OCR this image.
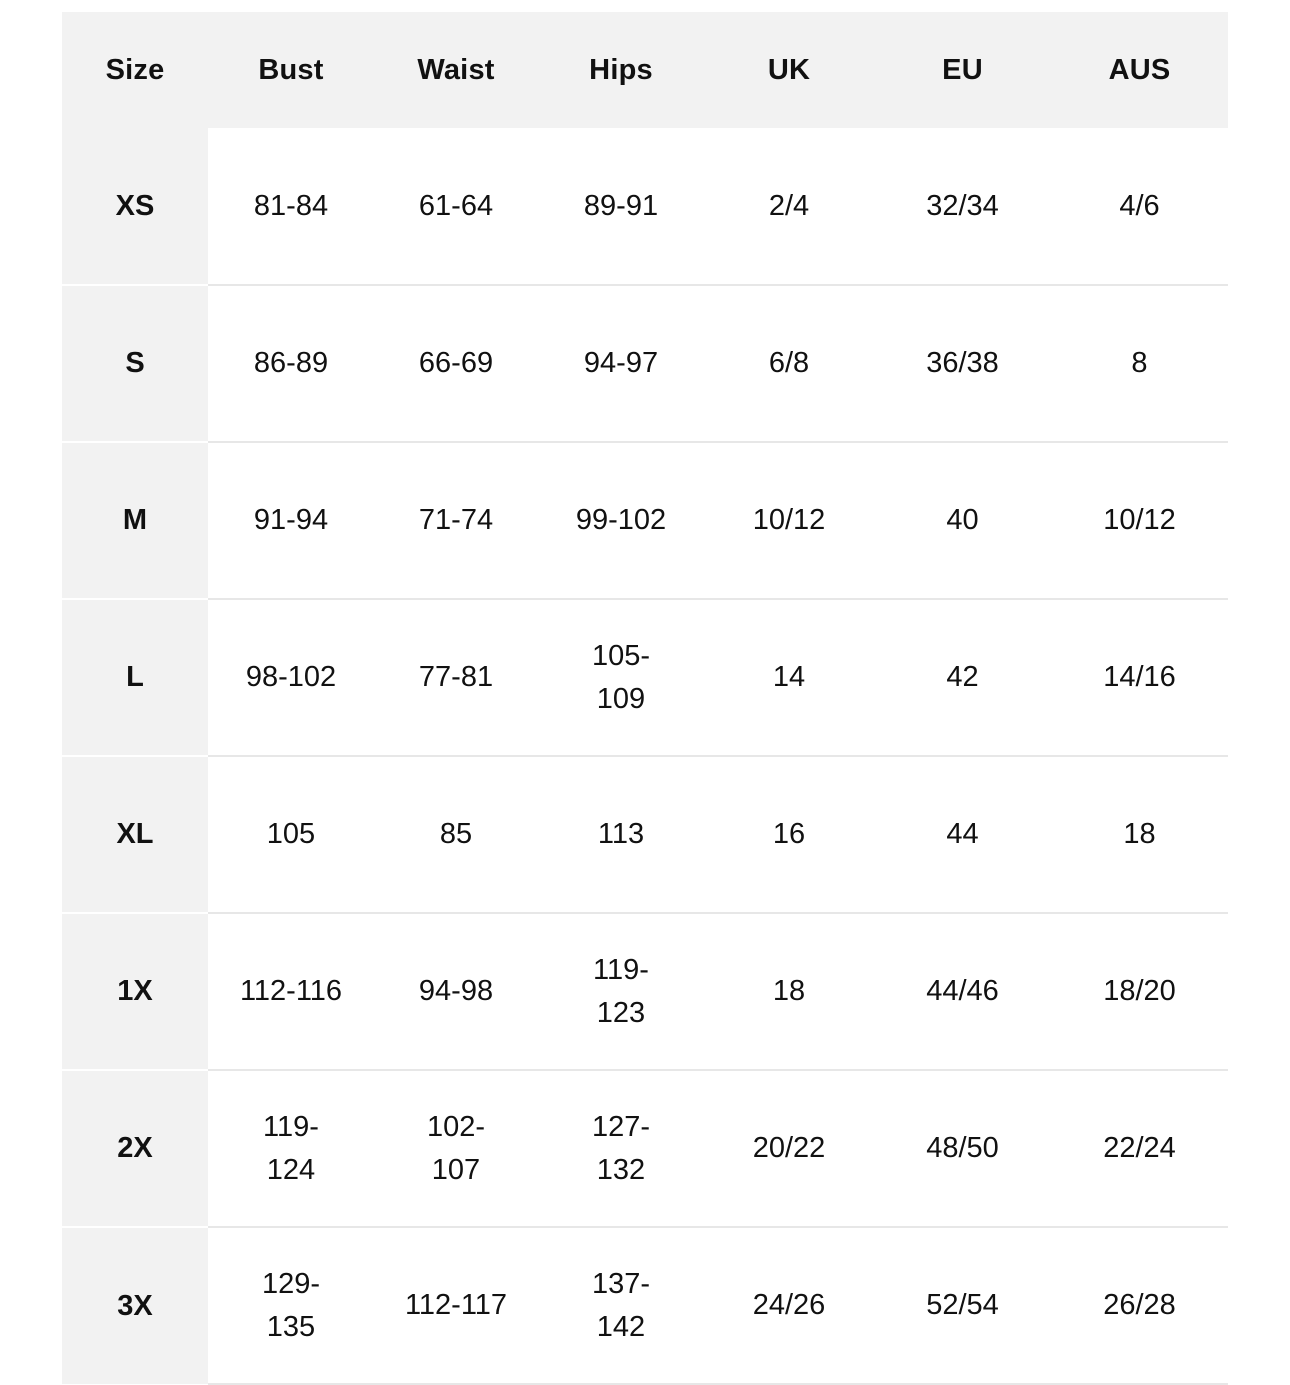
Size	Bust	Waist	Hips	UK	EU	AUS
XS	81-84	61-64	89-91	2/4	32/34	4/6

S	86-89	66-69	94-97	6/8	36/38	8

M	91-94	71-74	99-102	10/12	40	10/12

L	98-102	77-81	105-109	14	42	14/16

XL	105	85	113	16	44	18

1X	112-116	94-98	119-123	18	44/46	18/20

2X	119-124	102-107	127-132	20/22	48/50	22/24

3X	129-135	112-117	137-142	24/26	52/54	26/28
